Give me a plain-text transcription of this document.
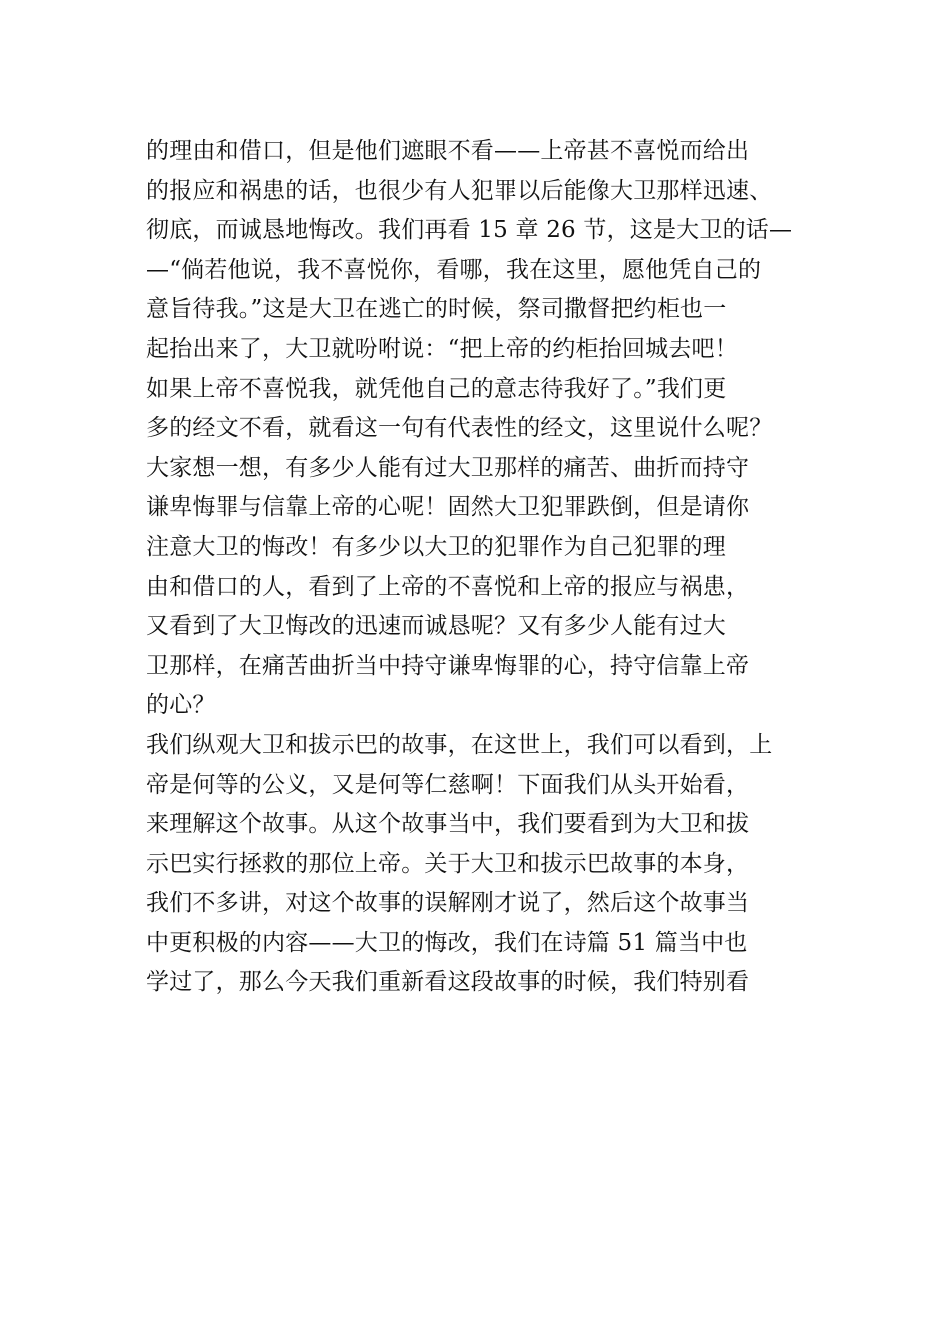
的理由和借口，但是他们遮眼不看——上帝甚不喜悦而给出
的报应和祸患的话，也很少有人犯罪以后能像大卫那样迅速、
彻底，而诚恳地悔改。我们再看 15 章 26 节，这是大卫的话—
—“倘若他说，我不喜悦你，看哪，我在这里，愿他凭自己的
意旨待我。”这是大卫在逃亡的时候，祭司撒督把约柜也一
起抬出来了，大卫就吩咐说：“把上帝的约柜抬回城去吧！
如果上帝不喜悦我，就凭他自己的意志待我好了。”我们更
多的经文不看，就看这一句有代表性的经文，这里说什么呢？
大家想一想，有多少人能有过大卫那样的痛苦、曲折而持守
谦卑悔罪与信靠上帝的心呢！固然大卫犯罪跌倒，但是请你
注意大卫的悔改！有多少以大卫的犯罪作为自己犯罪的理
由和借口的人，看到了上帝的不喜悦和上帝的报应与祸患，
又看到了大卫悔改的迅速而诚恳呢？又有多少人能有过大
卫那样，在痛苦曲折当中持守谦卑悔罪的心，持守信靠上帝
的心？
我们纵观大卫和拔示巴的故事，在这世上，我们可以看到，上
帝是何等的公义，又是何等仁慈啊！下面我们从头开始看，
来理解这个故事。从这个故事当中，我们要看到为大卫和拔
示巴实行拯救的那位上帝。关于大卫和拔示巴故事的本身，
我们不多讲，对这个故事的误解刚才说了，然后这个故事当
中更积极的内容——大卫的悔改，我们在诗篇 51 篇当中也
学过了，那么今天我们重新看这段故事的时候，我们特别看
